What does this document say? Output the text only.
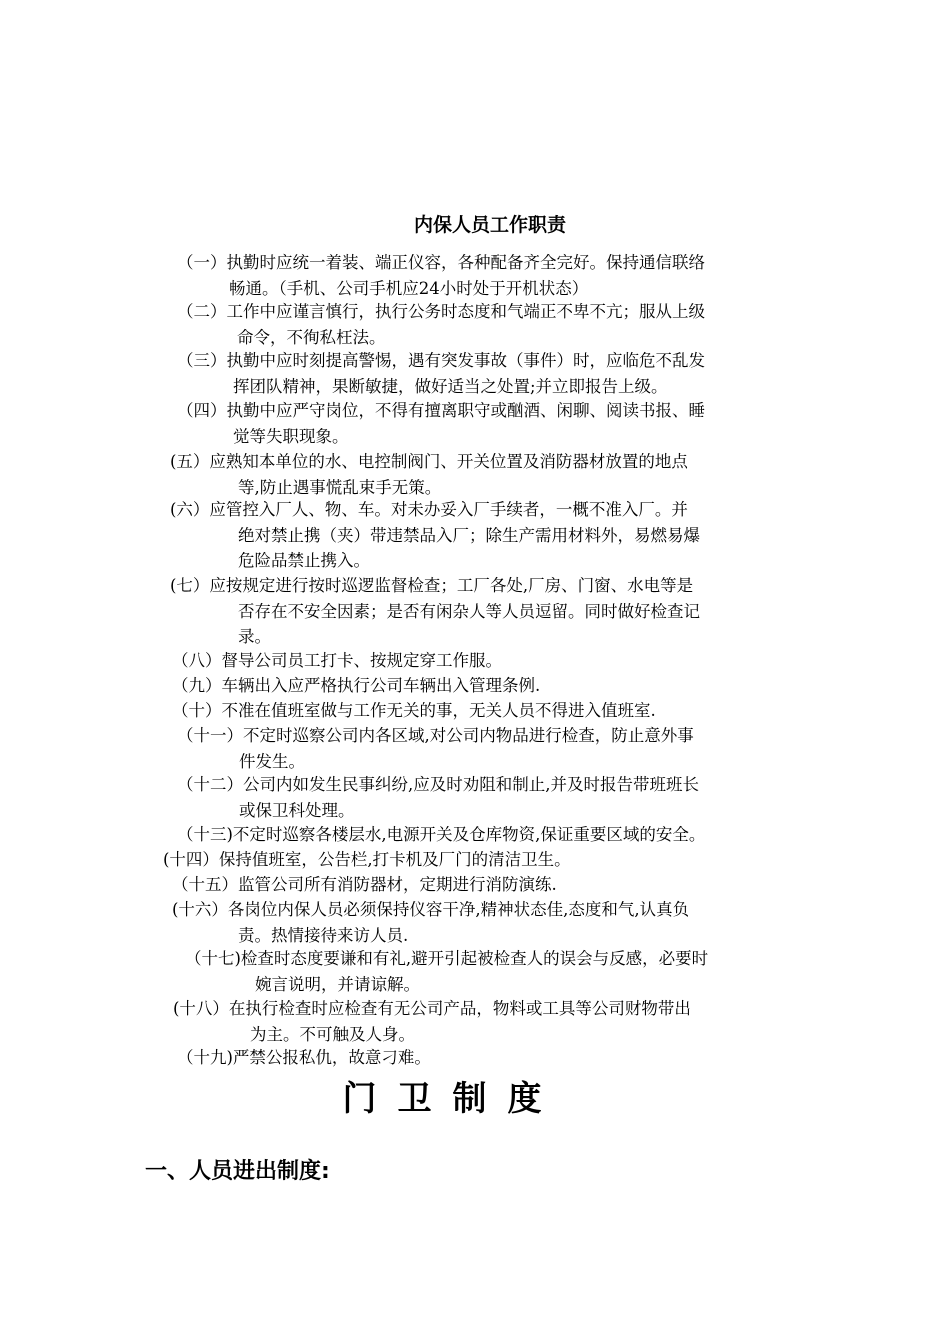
内保人员工作职责
（一）执勤时应统一着装、端正仪容，各种配备齐全完好。保持通信联络
畅通。（手机、公司手机应24小时处于开机状态）
（二）工作中应谨言慎行，执行公务时态度和气端正不卑不亢；服从上级
命令，不徇私枉法。
（三）执勤中应时刻提高警惕，遇有突发事故（事件）时，应临危不乱发
挥团队精神，果断敏捷，做好适当之处置;并立即报告上级。
（四）执勤中应严守岗位，不得有擅离职守或酗酒、闲聊、阅读书报、睡
觉等失职现象。
(五）应熟知本单位的水、电控制阀门、开关位置及消防器材放置的地点
等,防止遇事慌乱束手无策。
(六）应管控入厂人、物、车。对未办妥入厂手续者，一概不准入厂。并
绝对禁止携（夹）带违禁品入厂；除生产需用材料外，易燃易爆
危险品禁止携入。
(七）应按规定进行按时巡逻监督检查；工厂各处,厂房、门窗、水电等是
否存在不安全因素；是否有闲杂人等人员逗留。同时做好检查记
录。
（八）督导公司员工打卡、按规定穿工作服。
（九）车辆出入应严格执行公司车辆出入管理条例.
（十）不准在值班室做与工作无关的事，无关人员不得进入值班室.
（十一）不定时巡察公司内各区域,对公司内物品进行检查，防止意外事
件发生。
（十二）公司内如发生民事纠纷,应及时劝阻和制止,并及时报告带班班长
或保卫科处理。
（十三)不定时巡察各楼层水,电源开关及仓库物资,保证重要区域的安全。
(十四）保持值班室，公告栏,打卡机及厂门的清洁卫生。
（十五）监管公司所有消防器材，定期进行消防演练.
(十六）各岗位内保人员必须保持仪容干净,精神状态佳,态度和气,认真负
责。热情接待来访人员.
（十七)检查时态度要谦和有礼,避开引起被检查人的误会与反感，必要时
婉言说明，并请谅解。
(十八）在执行检查时应检查有无公司产品，物料或工具等公司财物带出
为主。不可触及人身。
（十九)严禁公报私仇，故意刁难。
门卫制度
一、人员进出制度:
